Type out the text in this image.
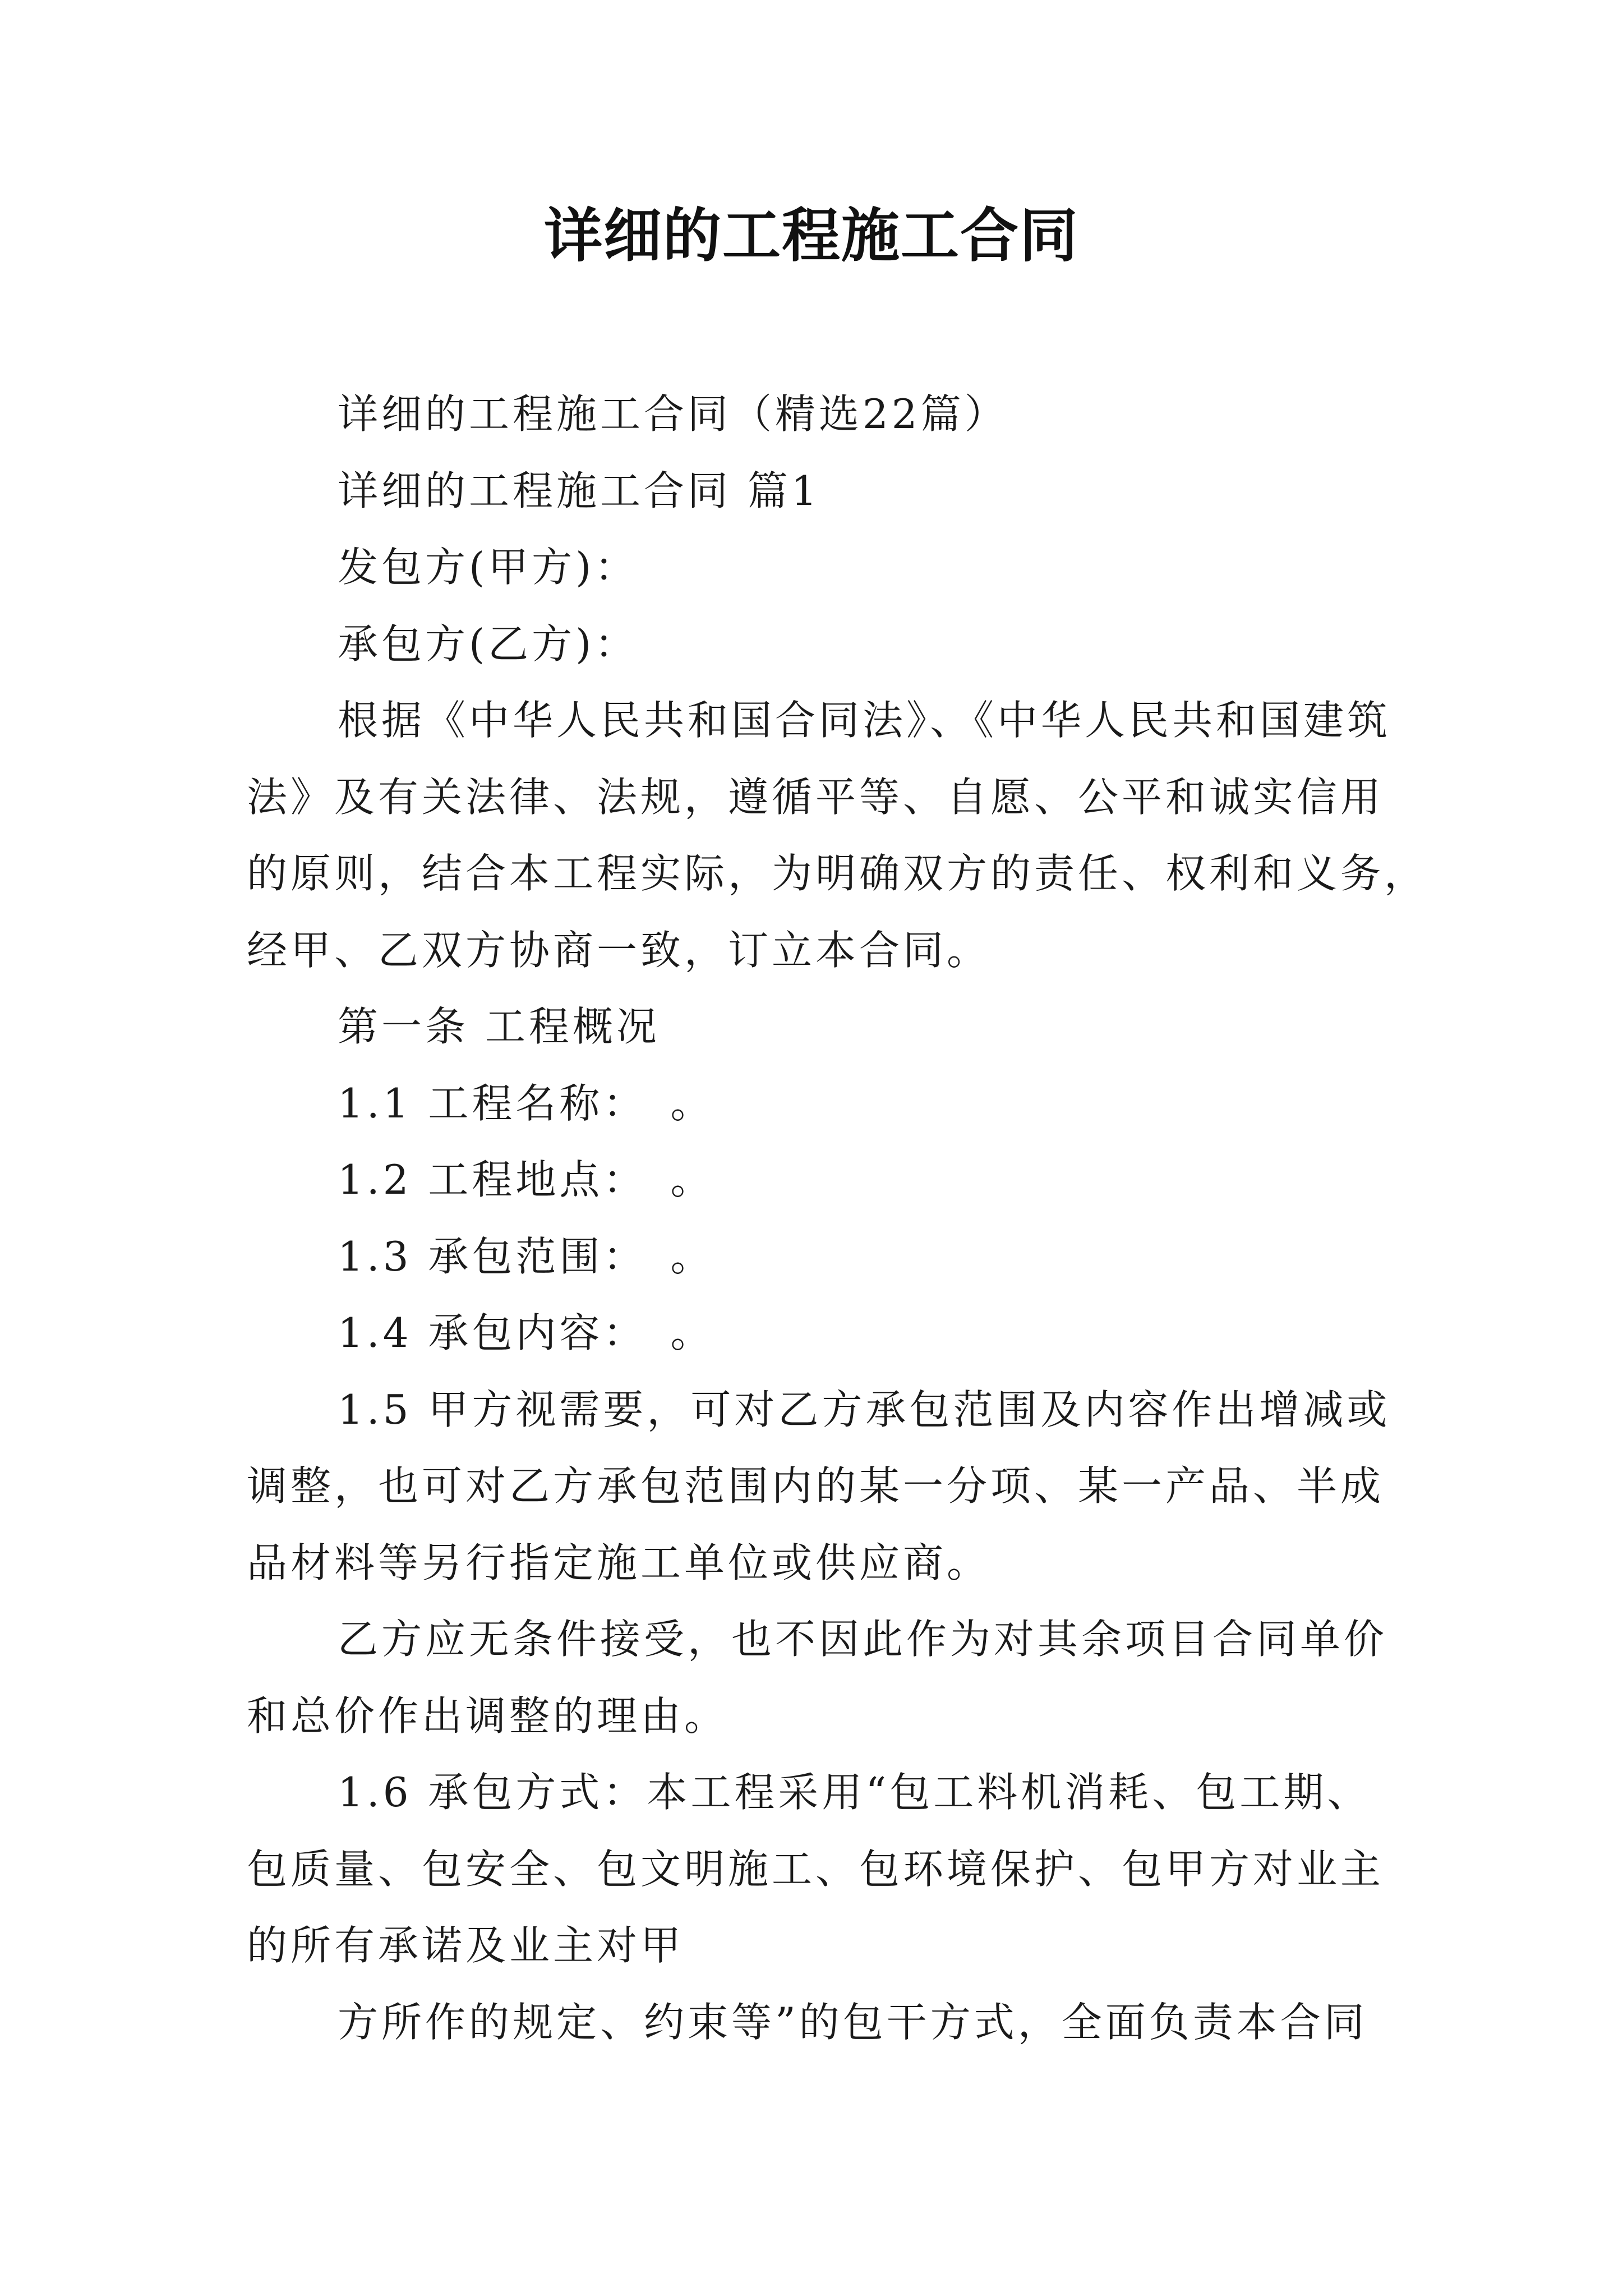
详细的工程施工合同

详细的工程施工合同（精选22篇）

详细的工程施工合同 篇1

发包方(甲方)：

承包方(乙方)：

根据《中华人民共和国合同法》、《中华人民共和国建筑

法》及有关法律、法规，遵循平等、自愿、公平和诚实信用

的原则，结合本工程实际，为明确双方的责任、权利和义务，

经甲、乙双方协商一致，订立本合同。

第一条 工程概况

1.1 工程名称：　。

1.2 工程地点：　。

1.3 承包范围：　。

1.4 承包内容：　。

1.5 甲方视需要，可对乙方承包范围及内容作出增减或

调整，也可对乙方承包范围内的某一分项、某一产品、半成

品材料等另行指定施工单位或供应商。

乙方应无条件接受，也不因此作为对其余项目合同单价

和总价作出调整的理由。

1.6 承包方式：本工程采用“包工料机消耗、包工期、

包质量、包安全、包文明施工、包环境保护、包甲方对业主

的所有承诺及业主对甲

方所作的规定、约束等”的包干方式，全面负责本合同
